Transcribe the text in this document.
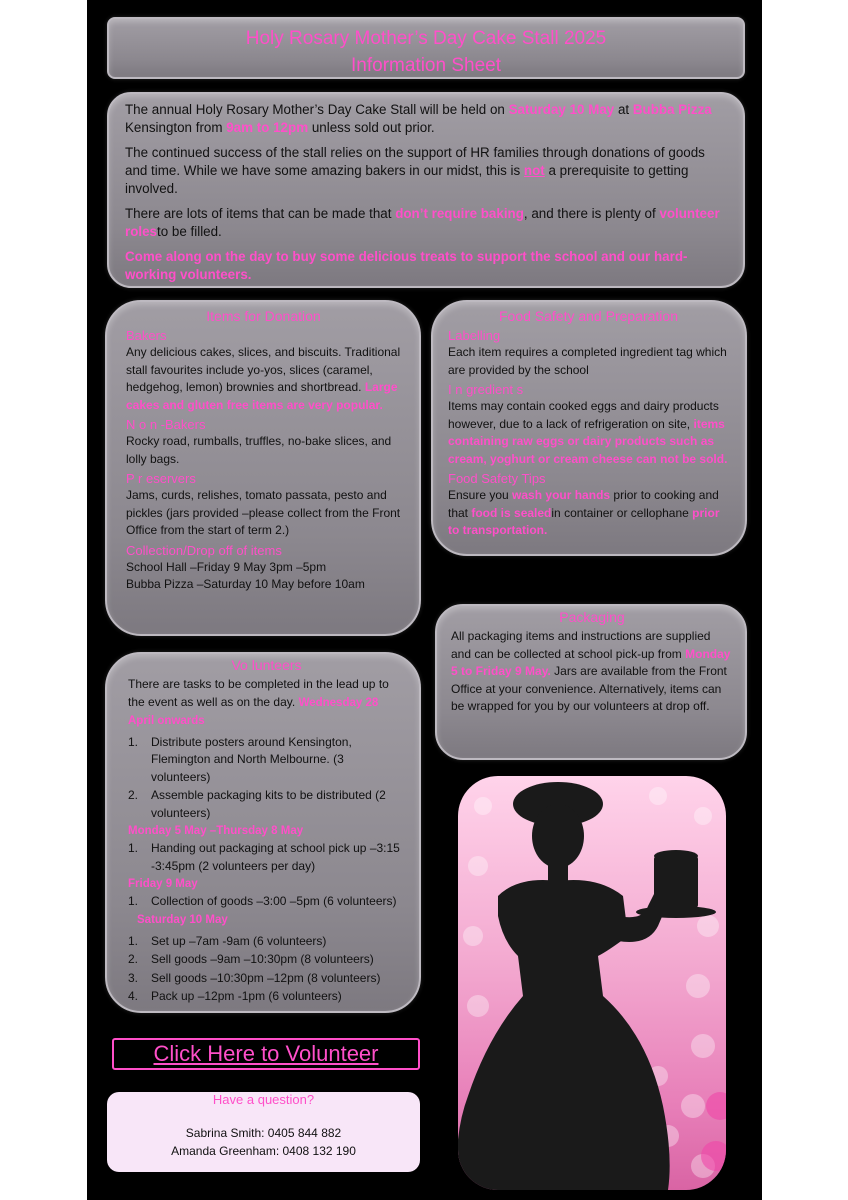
Holy Rosary Mother’s Day Cake Stall 2025
Information Sheet

The annual Holy Rosary Mother’s Day Cake Stall will be held on Saturday 10 May at Bubba Pizza Kensington from 9am to 12pm unless sold out prior.

The continued success of the stall relies on the support of HR families through donations of goods and time. While we have some amazing bakers in our midst, this is not a prerequisite to getting involved.

There are lots of items that can be made that don’t require baking, and there is plenty of volunteer rolesto be filled.

Come along on the day to buy some delicious treats to support the school and our hard-working volunteers.

Items for Donation
Bakers
Any delicious cakes, slices, and biscuits. Traditional stall favourites include yo-yos, slices (caramel, hedgehog, lemon) brownies and shortbread. Large cakes and gluten free items are very popular.
N o n -Bakers
Rocky road, rumballs, truffles, no-bake slices, and lolly bags.
P r eservers
Jams, curds, relishes, tomato passata, pesto and pickles (jars provided –please collect from the Front Office from the start of term 2.)
Collection/Drop off of items
School Hall –Friday 9 May 3pm –5pm
Bubba Pizza –Saturday 10 May before 10am
Food Safety and Preparation
Labelling
Each item requires a completed ingredient tag which are provided by the school
I n gredient s
Items may contain cooked eggs and dairy products however, due to a lack of refrigeration on site, items containing raw eggs or dairy products such as cream, yoghurt or cream cheese can not be sold.
Food Safety Tips
Ensure you wash your hands prior to cooking and that food is sealedin container or cellophane prior to transportation.
Packaging
All packaging items and instructions are supplied and can be collected at school pick-up from Monday 5 to Friday 9 May. Jars are available from the Front Office at your convenience. Alternatively, items can be wrapped for you by our volunteers at drop off.
Vo lunteers
There are tasks to be completed in the lead up to the event as well as on the day. Wednesday 28 April onwards
1. Distribute posters around Kensington, Flemington and North Melbourne. (3 volunteers)
2. Assemble packaging kits to be distributed (2 volunteers)
Monday 5 May –Thursday 8 May
1. Handing out packaging at school pick up –3:15 -3:45pm (2 volunteers per day)
Friday 9 May
1. Collection of goods –3:00 –5pm (6 volunteers)
Saturday 10 May
1. Set up –7am -9am (6 volunteers)
2. Sell goods –9am –10:30pm (8 volunteers)
3. Sell goods –10:30pm –12pm (8 volunteers)
4. Pack up –12pm -1pm (6 volunteers)
Click Here to Volunteer
Have a question?
Sabrina Smith: 0405 844 882
Amanda Greenham: 0408 132 190
